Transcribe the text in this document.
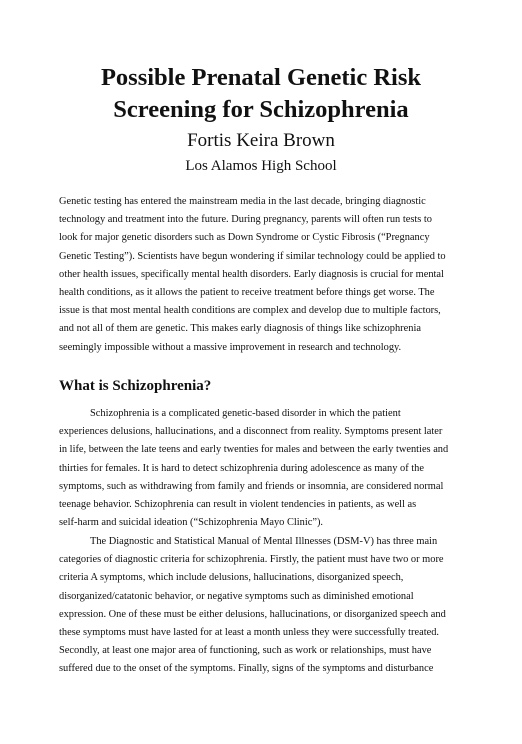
Possible Prenatal Genetic Risk
Screening for Schizophrenia
Fortis Keira Brown
Los Alamos High School

Genetic testing has entered the mainstream media in the last decade, bringing diagnostic
technology and treatment into the future. During pregnancy, parents will often run tests to
look for major genetic disorders such as Down Syndrome or Cystic Fibrosis (“Pregnancy
Genetic Testing”). Scientists have begun wondering if similar technology could be applied to
other health issues, specifically mental health disorders. Early diagnosis is crucial for mental
health conditions, as it allows the patient to receive treatment before things get worse. The
issue is that most mental health conditions are complex and develop due to multiple factors,
and not all of them are genetic. This makes early diagnosis of things like schizophrenia
seemingly impossible without a massive improvement in research and technology.

What is Schizophrenia?

Schizophrenia is a complicated genetic-based disorder in which the patient
experiences delusions, hallucinations, and a disconnect from reality. Symptoms present later
in life, between the late teens and early twenties for males and between the early twenties and
thirties for females. It is hard to detect schizophrenia during adolescence as many of the
symptoms, such as withdrawing from family and friends or insomnia, are considered normal
teenage behavior. Schizophrenia can result in violent tendencies in patients, as well as
self-harm and suicidal ideation (“Schizophrenia Mayo Clinic”).

The Diagnostic and Statistical Manual of Mental Illnesses (DSM-V) has three main
categories of diagnostic criteria for schizophrenia. Firstly, the patient must have two or more
criteria A symptoms, which include delusions, hallucinations, disorganized speech,
disorganized/catatonic behavior, or negative symptoms such as diminished emotional
expression. One of these must be either delusions, hallucinations, or disorganized speech and
these symptoms must have lasted for at least a month unless they were successfully treated.
Secondly, at least one major area of functioning, such as work or relationships, must have
suffered due to the onset of the symptoms. Finally, signs of the symptoms and disturbance
